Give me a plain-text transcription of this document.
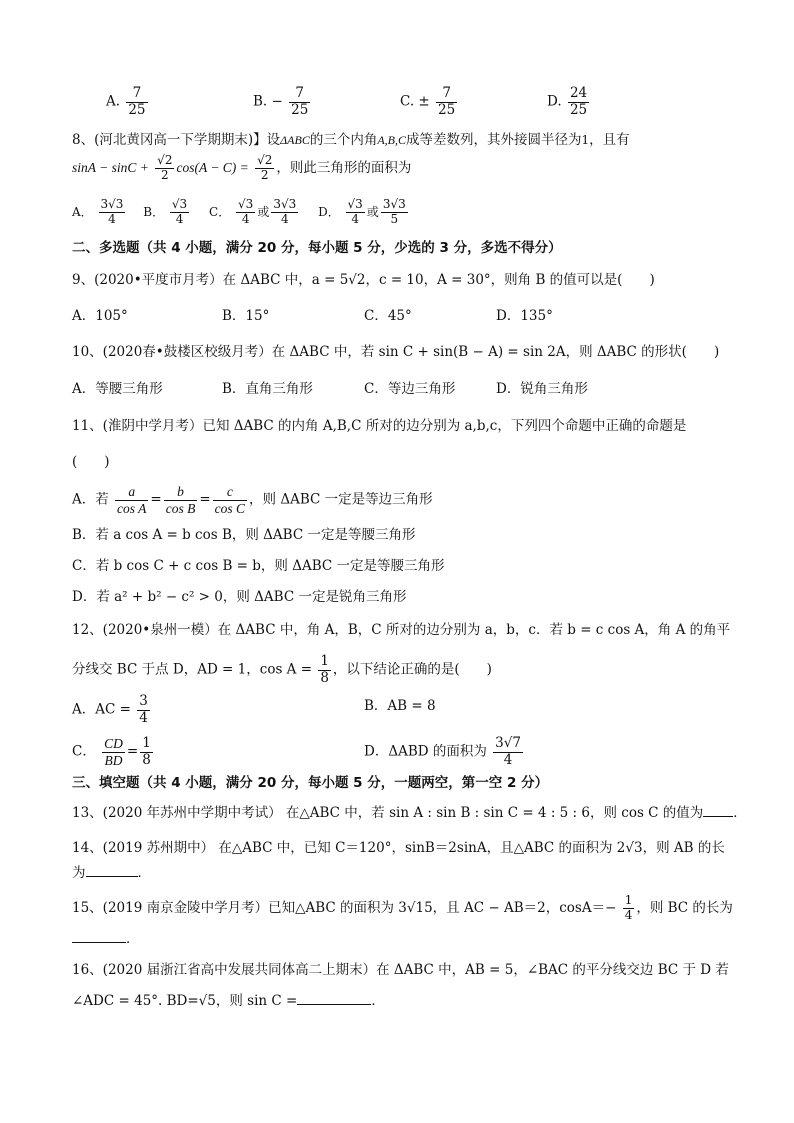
A. $\frac{7}{25}$	B. − $\frac{7}{25}$	C. ± $\frac{7}{25}$	D. $\frac{24}{25}$
8、(河北黄冈高一下学期期末)】设ΔABC的三个内角A,B,C成等差数列，其外接圆半径为1，且有
$\sin A - \sin C + \frac{√2}{2} \cos(A - C) = \frac{√2}{2}$ ，则此三角形的面积为
A． $\frac{3√3}{4}$ B． $\frac{√3}{4}$ C． $\frac{√3}{4}$ 或 $\frac{3√3}{4}$ D． $\frac{√3}{4}$ 或 $\frac{3√3}{5}$
二、多选题（共 4 小题，满分 20 分，每小题 5 分，少选的 3 分，多选不得分）
9、(2020•平度市月考）在 ΔABC 中，a = 5√2，c = 10，A = 30°，则角 B 的值可以是(　　)
A．105°	B．15°	C．45°	D．135°
10、(2020春•鼓楼区校级月考）在 ΔABC 中，若 sin C + sin(B − A) = sin 2A，则 ΔABC 的形状(　　)
A．等腰三角形	B．直角三角形	C．等边三角形	D．锐角三角形
11、(淮阴中学月考）已知 ΔABC 的内角 A,B,C 所对的边分别为 a,b,c，下列四个命题中正确的命题是
(　　)
A．若 $\frac{a}{\text{cos A}} = \frac{b}{\text{cos B}} = \frac{c}{\text{cos C}}$ ，则 ΔABC 一定是等边三角形
B．若 a cos A = b cos B，则 ΔABC 一定是等腰三角形
C．若 b cos C + c cos B = b，则 ΔABC 一定是等腰三角形
D．若 a² + b² − c² > 0，则 ΔABC 一定是锐角三角形
12、(2020•泉州一模）在 ΔABC 中，角 A，B，C 所对的边分别为 a，b，c．若 b = c cos A，角 A 的角平
分线交 BC 于点 D，AD = 1，$\cos A = \frac{1}{8}$ ，以下结论正确的是(　　)
A．AC = $\frac{3}{4}$	B．AB = 8
C． $\frac{CD}{BD} = \frac{1}{8}$	D．ΔABD 的面积为 $\frac{3√7}{4}$
三、填空题（共 4 小题，满分 20 分，每小题 5 分，一题两空，第一空 2 分）
13、(2020 年苏州中学期中考试） 在△ABC 中，若 sin A : sin B : sin C = 4 : 5 : 6，则 cos C 的值为 ．
14、(2019 苏州期中） 在△ABC 中，已知 C＝120°，sinB＝2sinA，且△ABC 的面积为 2√3，则 AB 的长
为	．
15、(2019 南京金陵中学月考）已知△ABC 的面积为 3√15，且 AC − AB＝2，$\cos A=- \frac{1}{4}$ ，则 BC 的长为
．
16、(2020 届浙江省高中发展共同体高二上期末）在 ΔABC 中，AB = 5，∠BAC 的平分线交边 BC 于 D 若
∠ADC = 45°. BD=√5，则 sin C =	．
